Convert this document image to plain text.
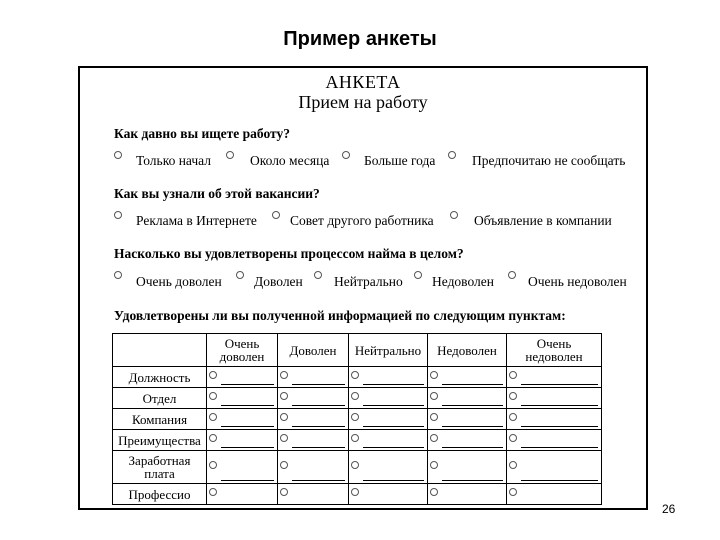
Пример анкеты
АНКЕТА
Прием на работу
Как давно вы ищете работу?
Только начал	Около месяца	Больше года	Предпочитаю не сообщать
Как вы узнали об этой вакансии?
Реклама в Интернете Совет другого работника	Объявление в компании
Насколько вы удовлетворены процессом найма в целом?
Очень доволен Доволен Нейтрально Недоволен	Очень недоволен
Удовлетворены ли вы полученной информацией по следующим пунктам:
	Очень доволен	Доволен	Нейтрально	Недоволен	Очень недоволен
Должность	

Отдел	

Компания	

Преимущества	

Заработная плата	

Профессио	

26
